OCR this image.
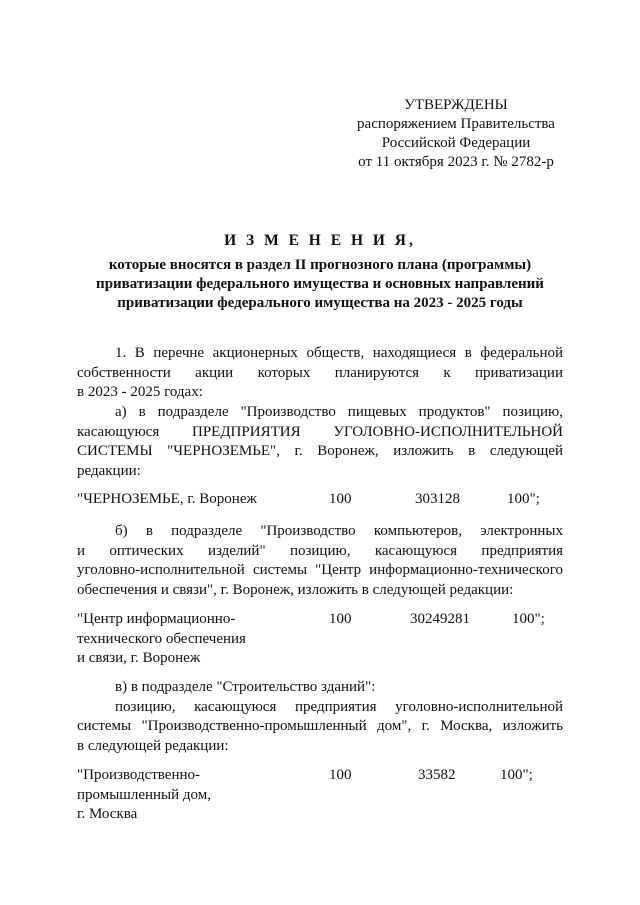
УТВЕРЖДЕНЫ
распоряжением Правительства
Российской Федерации
от 11 октября 2023 г. № 2782-р
И З М Е Н Е Н И Я,
которые вносятся в раздел II прогнозного плана (программы)
приватизации федерального имущества и основных направлений
приватизации федерального имущества на 2023 - 2025 годы
1. В перечне акционерных обществ, находящиеся в федеральной
собственности акции которых планируются к приватизации
в 2023 - 2025 годах:
а) в подразделе "Производство пищевых продуктов" позицию,
касающуюся ПРЕДПРИЯТИЯ УГОЛОВНО-ИСПОЛНИТЕЛЬНОЙ
СИСТЕМЫ "ЧЕРНОЗЕМЬЕ", г. Воронеж, изложить в следующей
редакции:
"ЧЕРНОЗЕМЬЕ, г. Воронеж	100	303128	100";
б) в подразделе "Производство компьютеров, электронных
и оптических изделий" позицию, касающуюся предприятия
уголовно-исполнительной системы "Центр информационно-технического
обеспечения и связи", г. Воронеж, изложить в следующей редакции:
"Центр информационно-
технического обеспечения
и связи, г. Воронеж
100	30249281	100";
в) в подразделе "Строительство зданий":
позицию, касающуюся предприятия уголовно-исполнительной
системы "Производственно-промышленный дом", г. Москва, изложить
в следующей редакции:
"Производственно-
промышленный дом,
г. Москва
100	33582	100";
